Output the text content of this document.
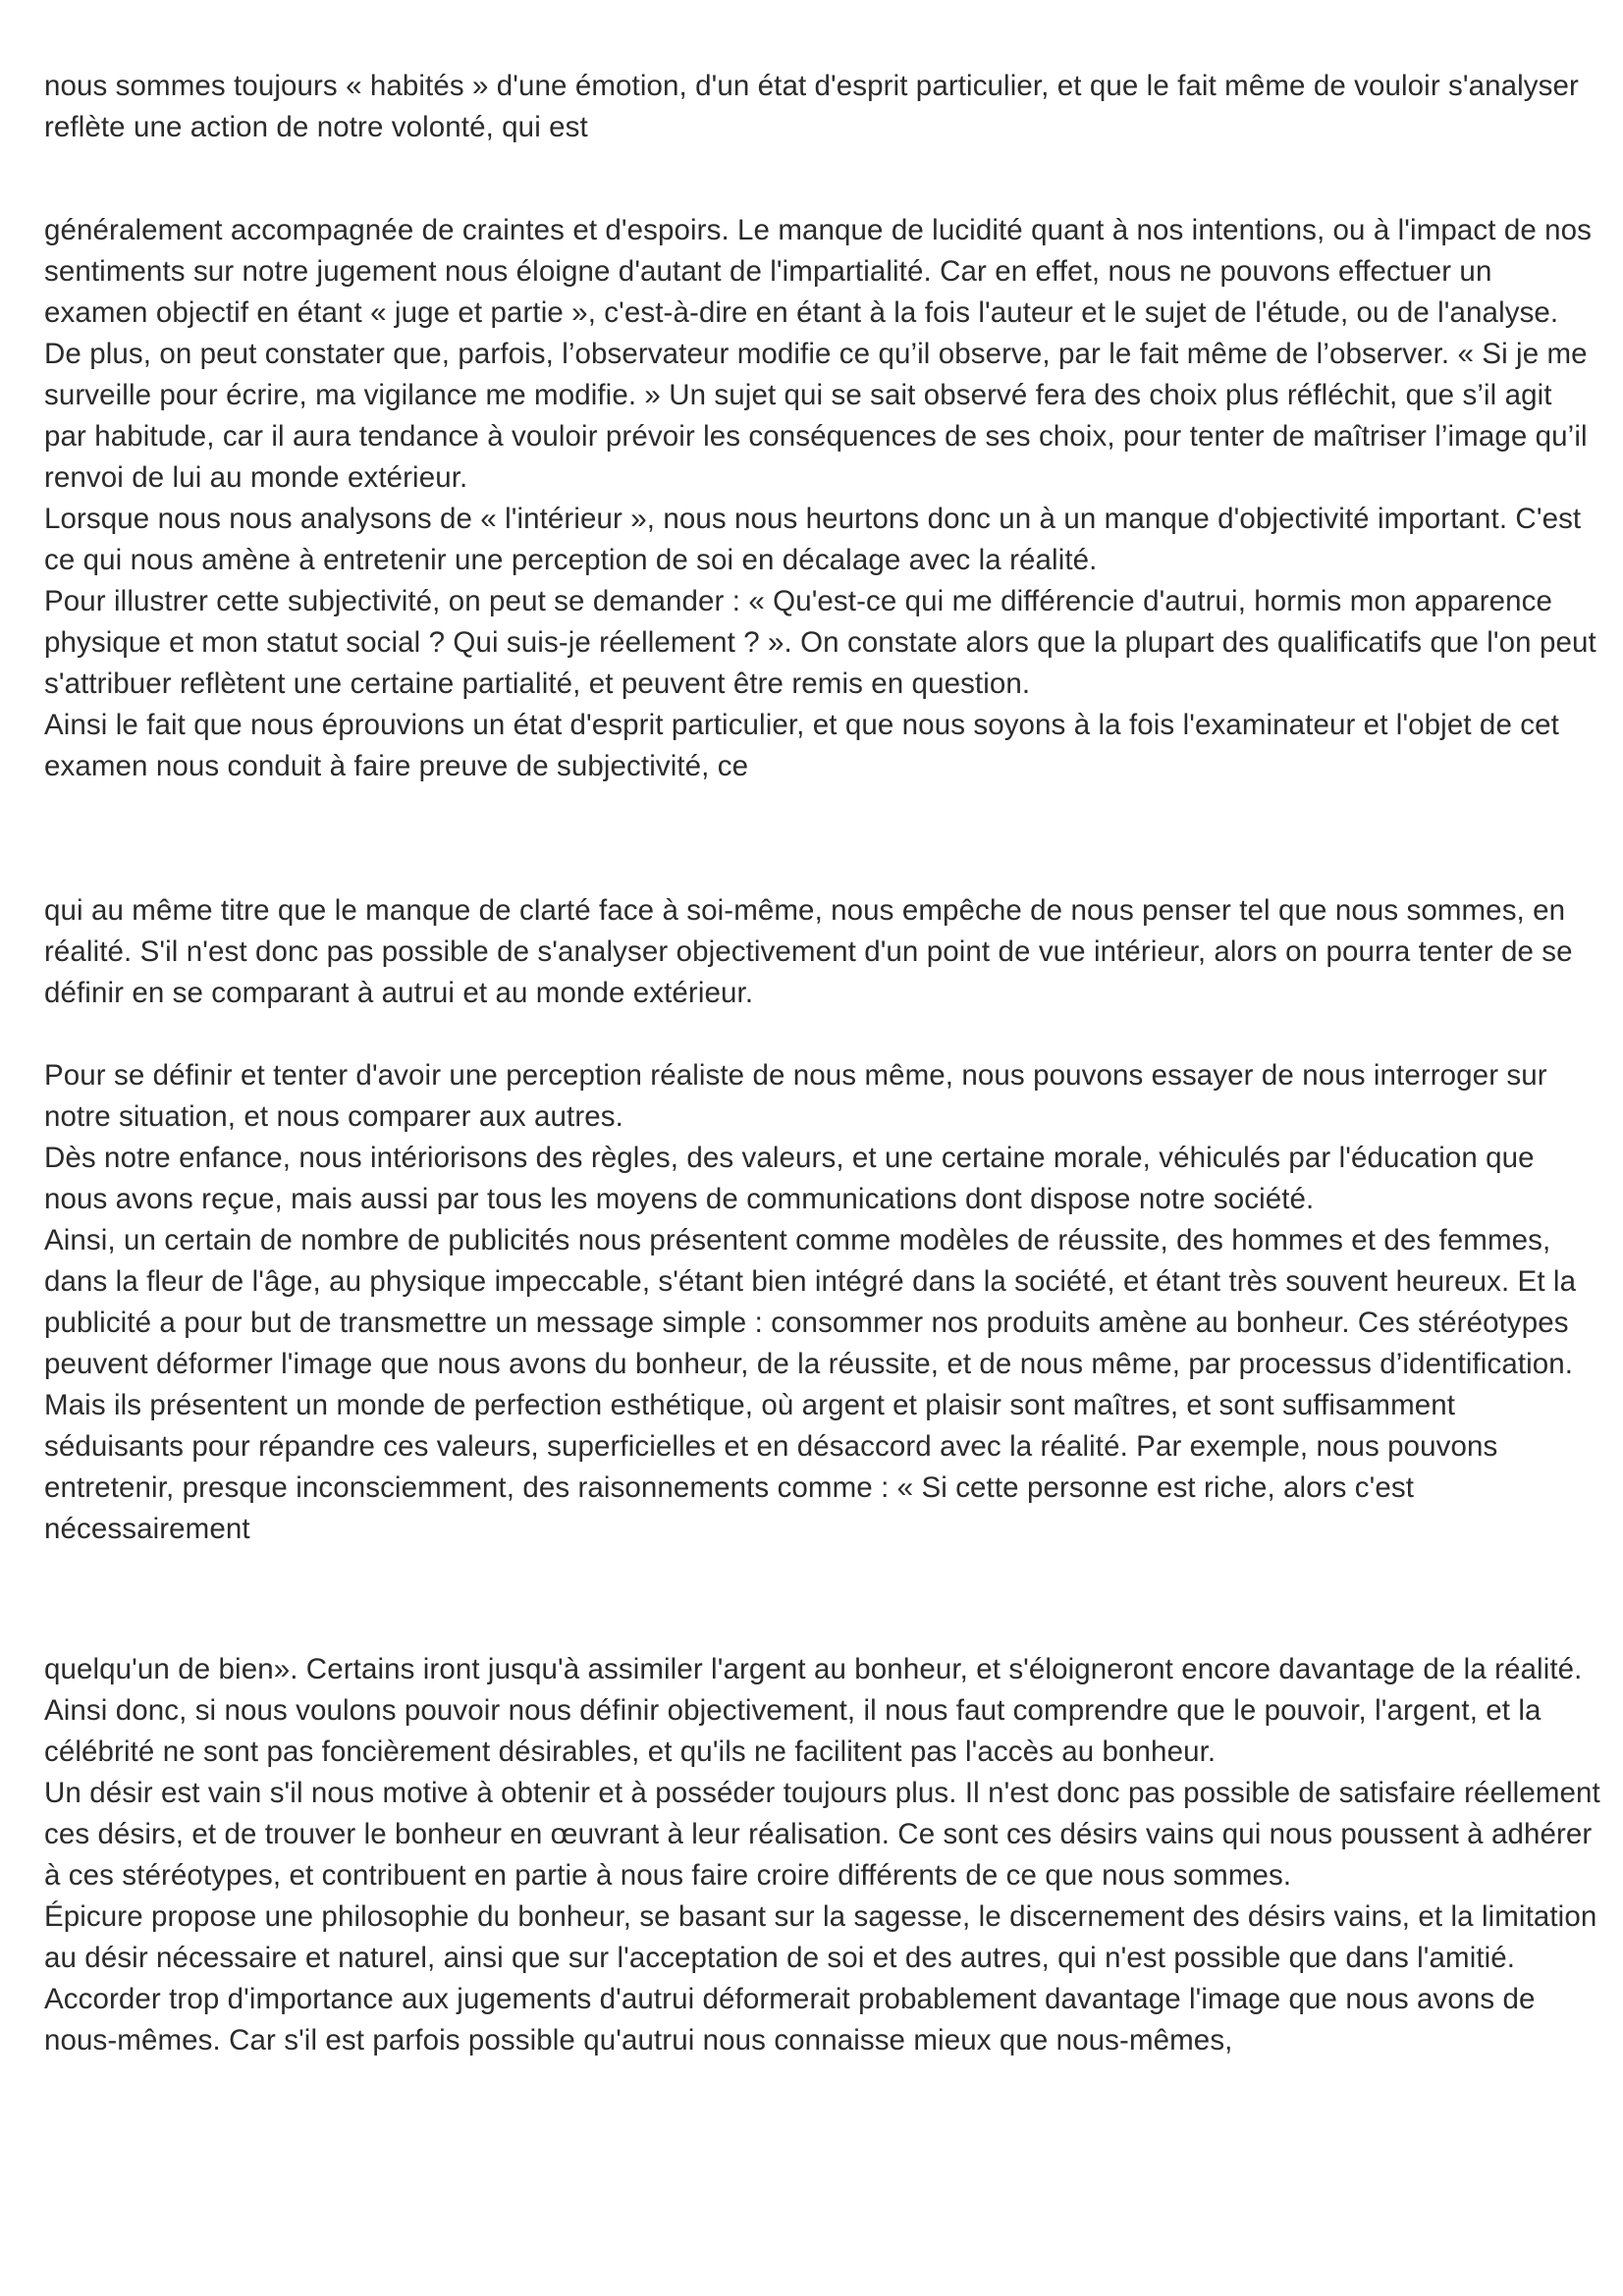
nous sommes toujours « habités » d'une émotion, d'un état d'esprit particulier, et que le fait même de vouloir s'analyser reflète une action de notre volonté, qui est

généralement accompagnée de craintes et d'espoirs. Le manque de lucidité quant à nos intentions, ou à l'impact de nos sentiments sur notre jugement nous éloigne d'autant de l'impartialité. Car en effet, nous ne pouvons effectuer un examen objectif en étant « juge et partie », c'est-à-dire en étant à la fois l'auteur et le sujet de l'étude, ou de l'analyse.

De plus, on peut constater que, parfois, l’observateur modifie ce qu’il observe, par le fait même de l’observer. « Si je me surveille pour écrire, ma vigilance me modifie. » Un sujet qui se sait observé fera des choix plus réfléchit, que s’il agit par habitude, car il aura tendance à vouloir prévoir les conséquences de ses choix, pour tenter de maîtriser l’image qu’il renvoi de lui au monde extérieur.

Lorsque nous nous analysons de « l'intérieur », nous nous heurtons donc un à un manque d'objectivité important. C'est ce qui nous amène à entretenir une perception de soi en décalage avec la réalité.

Pour illustrer cette subjectivité, on peut se demander : « Qu'est-ce qui me différencie d'autrui, hormis mon apparence physique et mon statut social ? Qui suis-je réellement ? ». On constate alors que la plupart des qualificatifs que l'on peut s'attribuer reflètent une certaine partialité, et peuvent être remis en question.

Ainsi le fait que nous éprouvions un état d'esprit particulier, et que nous soyons à la fois l'examinateur et l'objet de cet examen nous conduit à faire preuve de subjectivité, ce

qui au même titre que le manque de clarté face à soi-même, nous empêche de nous penser tel que nous sommes, en réalité. S'il n'est donc pas possible de s'analyser objectivement d'un point de vue intérieur, alors on pourra tenter de se définir en se comparant à autrui et au monde extérieur.

Pour se définir et tenter d'avoir une perception réaliste de nous même, nous pouvons essayer de nous interroger sur notre situation, et nous comparer aux autres.

Dès notre enfance, nous intériorisons des règles, des valeurs, et une certaine morale, véhiculés par l'éducation que nous avons reçue, mais aussi par tous les moyens de communications dont dispose notre société.

Ainsi, un certain de nombre de publicités nous présentent comme modèles de réussite, des hommes et des femmes, dans la fleur de l'âge, au physique impeccable, s'étant bien intégré dans la société, et étant très souvent heureux. Et la publicité a pour but de transmettre un message simple : consommer nos produits amène au bonheur. Ces stéréotypes peuvent déformer l'image que nous avons du bonheur, de la réussite, et de nous même, par processus d’identification. Mais ils présentent un monde de perfection esthétique, où argent et plaisir sont maîtres, et sont suffisamment séduisants pour répandre ces valeurs, superficielles et en désaccord avec la réalité. Par exemple, nous pouvons entretenir, presque inconsciemment, des raisonnements comme : « Si cette personne est riche, alors c'est nécessairement

quelqu'un de bien». Certains iront jusqu'à assimiler l'argent au bonheur, et s'éloigneront encore davantage de la réalité. Ainsi donc, si nous voulons pouvoir nous définir objectivement, il nous faut comprendre que le pouvoir, l'argent, et la célébrité ne sont pas foncièrement désirables, et qu'ils ne facilitent pas l'accès au bonheur.

Un désir est vain s'il nous motive à obtenir et à posséder toujours plus. Il n'est donc pas possible de satisfaire réellement ces désirs, et de trouver le bonheur en œuvrant à leur réalisation. Ce sont ces désirs vains qui nous poussent à adhérer à ces stéréotypes, et contribuent en partie à nous faire croire différents de ce que nous sommes.

Épicure propose une philosophie du bonheur, se basant sur la sagesse, le discernement des désirs vains, et la limitation au désir nécessaire et naturel, ainsi que sur l'acceptation de soi et des autres, qui n'est possible que dans l'amitié.

Accorder trop d'importance aux jugements d'autrui déformerait probablement davantage l'image que nous avons de nous-mêmes. Car s'il est parfois possible qu'autrui nous connaisse mieux que nous-mêmes,
